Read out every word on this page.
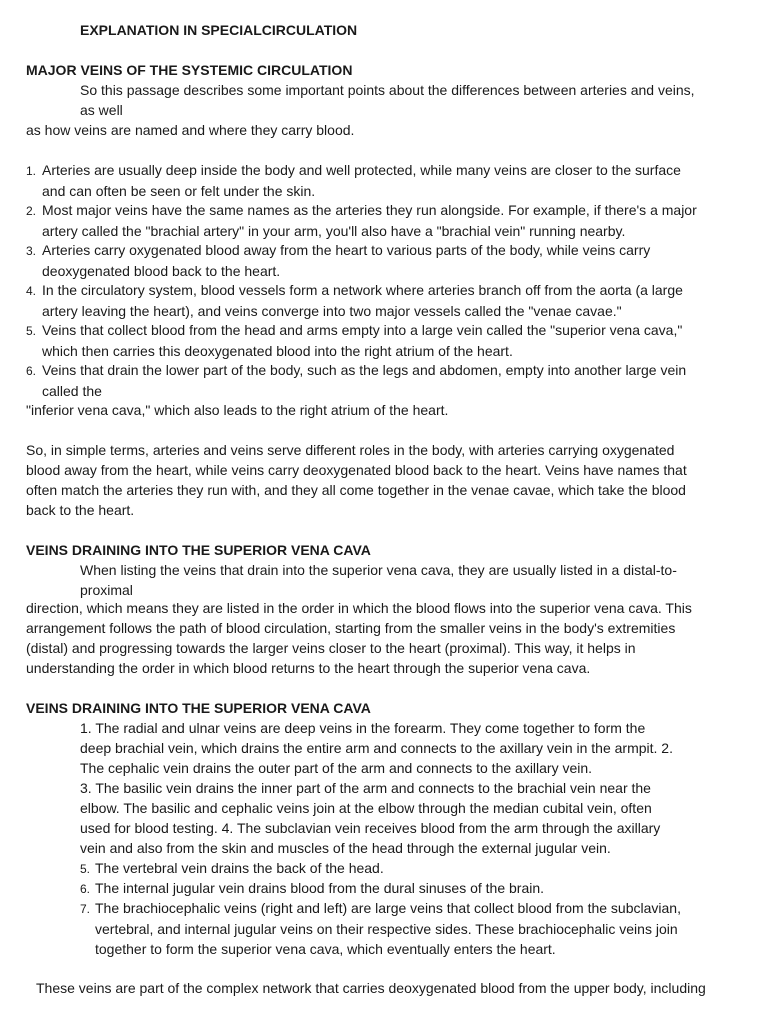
EXPLANATION IN SPECIALCIRCULATION
MAJOR VEINS OF THE SYSTEMIC CIRCULATION
So this passage describes some important points about the differences between arteries and veins,
as well
as how veins are named and where they carry blood.
1. Arteries are usually deep inside the body and well protected, while many veins are closer to the surface
and can often be seen or felt under the skin.
2. Most major veins have the same names as the arteries they run alongside. For example, if there's a major
artery called the "brachial artery" in your arm, you'll also have a "brachial vein" running nearby.
3. Arteries carry oxygenated blood away from the heart to various parts of the body, while veins carry
deoxygenated blood back to the heart.
4. In the circulatory system, blood vessels form a network where arteries branch off from the aorta (a large
artery leaving the heart), and veins converge into two major vessels called the "venae cavae."
5. Veins that collect blood from the head and arms empty into a large vein called the "superior vena cava,"
which then carries this deoxygenated blood into the right atrium of the heart.
6. Veins that drain the lower part of the body, such as the legs and abdomen, empty into another large vein
called the
"inferior vena cava," which also leads to the right atrium of the heart.
So, in simple terms, arteries and veins serve different roles in the body, with arteries carrying oxygenated
blood away from the heart, while veins carry deoxygenated blood back to the heart. Veins have names that
often match the arteries they run with, and they all come together in the venae cavae, which take the blood
back to the heart.
VEINS DRAINING INTO THE SUPERIOR VENA CAVA
When listing the veins that drain into the superior vena cava, they are usually listed in a distal-to-
proximal
direction, which means they are listed in the order in which the blood flows into the superior vena cava. This
arrangement follows the path of blood circulation, starting from the smaller veins in the body's extremities
(distal) and progressing towards the larger veins closer to the heart (proximal). This way, it helps in
understanding the order in which blood returns to the heart through the superior vena cava.
VEINS DRAINING INTO THE SUPERIOR VENA CAVA
1. The radial and ulnar veins are deep veins in the forearm. They come together to form the
deep brachial vein, which drains the entire arm and connects to the axillary vein in the armpit. 2.
The cephalic vein drains the outer part of the arm and connects to the axillary vein.
3. The basilic vein drains the inner part of the arm and connects to the brachial vein near the
elbow. The basilic and cephalic veins join at the elbow through the median cubital vein, often
used for blood testing. 4. The subclavian vein receives blood from the arm through the axillary
vein and also from the skin and muscles of the head through the external jugular vein.
5. The vertebral vein drains the back of the head.
6. The internal jugular vein drains blood from the dural sinuses of the brain.
7. The brachiocephalic veins (right and left) are large veins that collect blood from the subclavian,
vertebral, and internal jugular veins on their respective sides. These brachiocephalic veins join
together to form the superior vena cava, which eventually enters the heart.
These veins are part of the complex network that carries deoxygenated blood from the upper body, including
